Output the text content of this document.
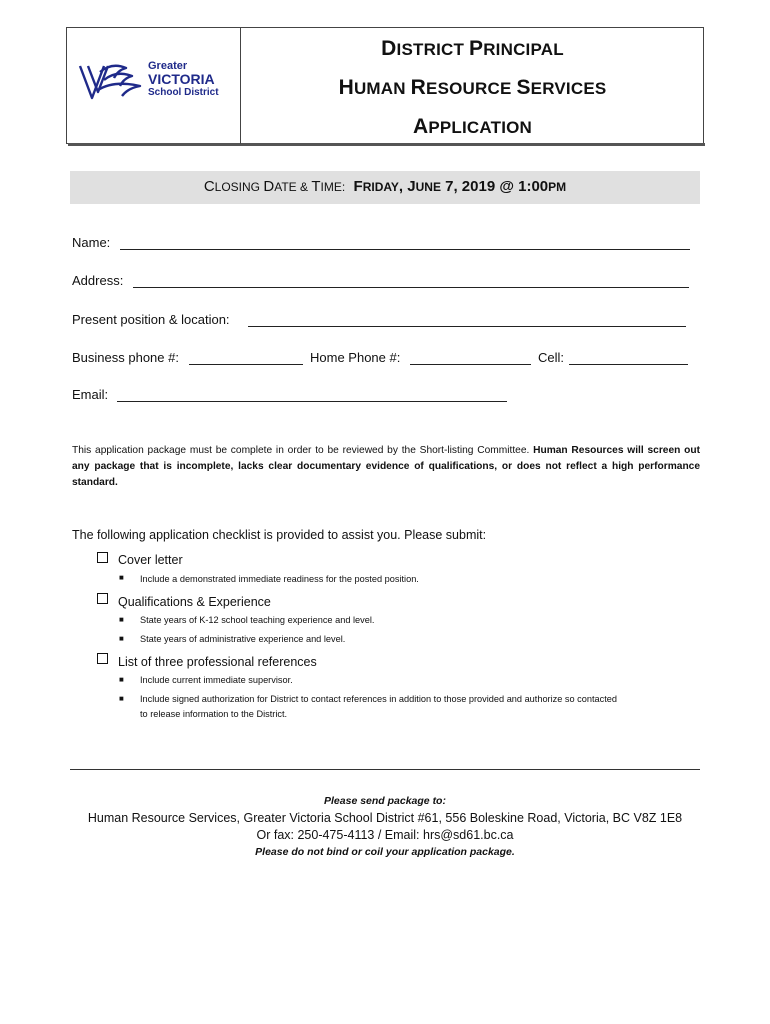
Greater
VICTORIA
School District
DISTRICT PRINCIPAL
HUMAN RESOURCE SERVICES
APPLICATION
CLOSING DATE & TIME: FRIDAY, JUNE 7, 2019 @ 1:00PM
Name:
Address:
Present position & location:
Business phone #:	Home Phone #:	Cell:
Email:
This application package must be complete in order to be reviewed by the Short-listing Committee. Human Resources will screen out any package that is incomplete, lacks clear documentary evidence of qualifications, or does not reflect a high performance standard.
The following application checklist is provided to assist you. Please submit:
Cover letter
■ Include a demonstrated immediate readiness for the posted position.
Qualifications & Experience
■ State years of K-12 school teaching experience and level.
■ State years of administrative experience and level.
List of three professional references
■ Include current immediate supervisor.
■ Include signed authorization for District to contact references in addition to those provided and authorize so contacted
to release information to the District.
Please send package to:
Human Resource Services, Greater Victoria School District #61, 556 Boleskine Road, Victoria, BC V8Z 1E8
Or fax: 250-475-4113 / Email: hrs@sd61.bc.ca
Please do not bind or coil your application package.
